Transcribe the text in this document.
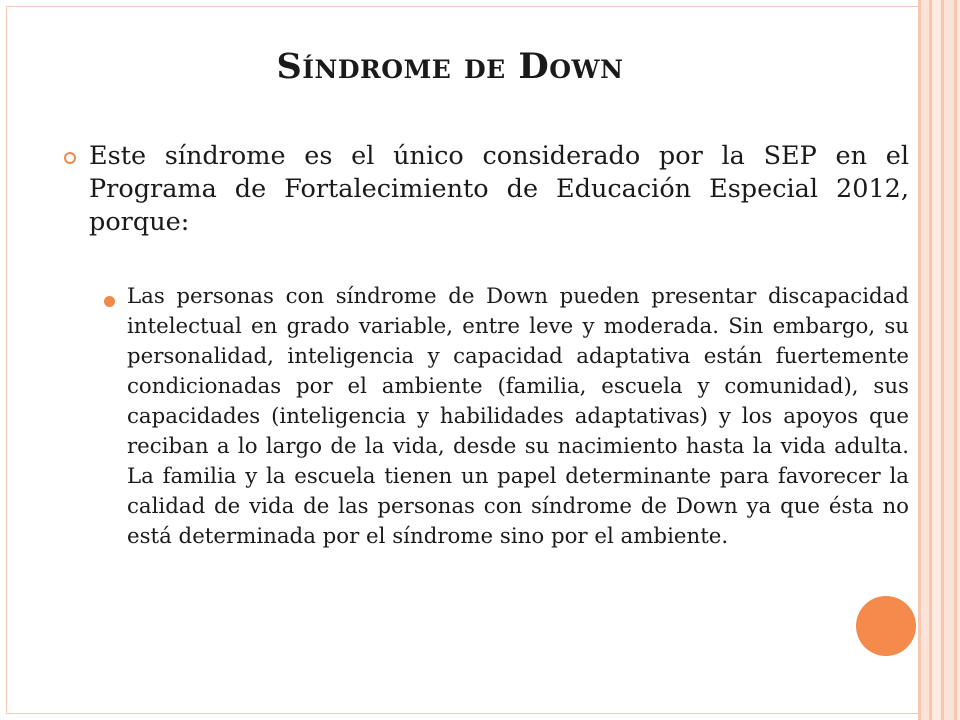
Síndrome de Down

Este síndrome es el único considerado por la SEP en el Programa de Fortalecimiento de Educación Especial 2012, porque:

Las personas con síndrome de Down pueden presentar discapacidad intelectual en grado variable, entre leve y moderada. Sin embargo, su personalidad, inteligencia y capacidad adaptativa están fuertemente condicionadas por el ambiente (familia, escuela y comunidad), sus capacidades (inteligencia y habilidades adaptativas) y los apoyos que reciban a lo largo de la vida, desde su nacimiento hasta la vida adulta. La familia y la escuela tienen un papel determinante para favorecer la calidad de vida de las personas con síndrome de Down ya que ésta no está determinada por el síndrome sino por el ambiente.
